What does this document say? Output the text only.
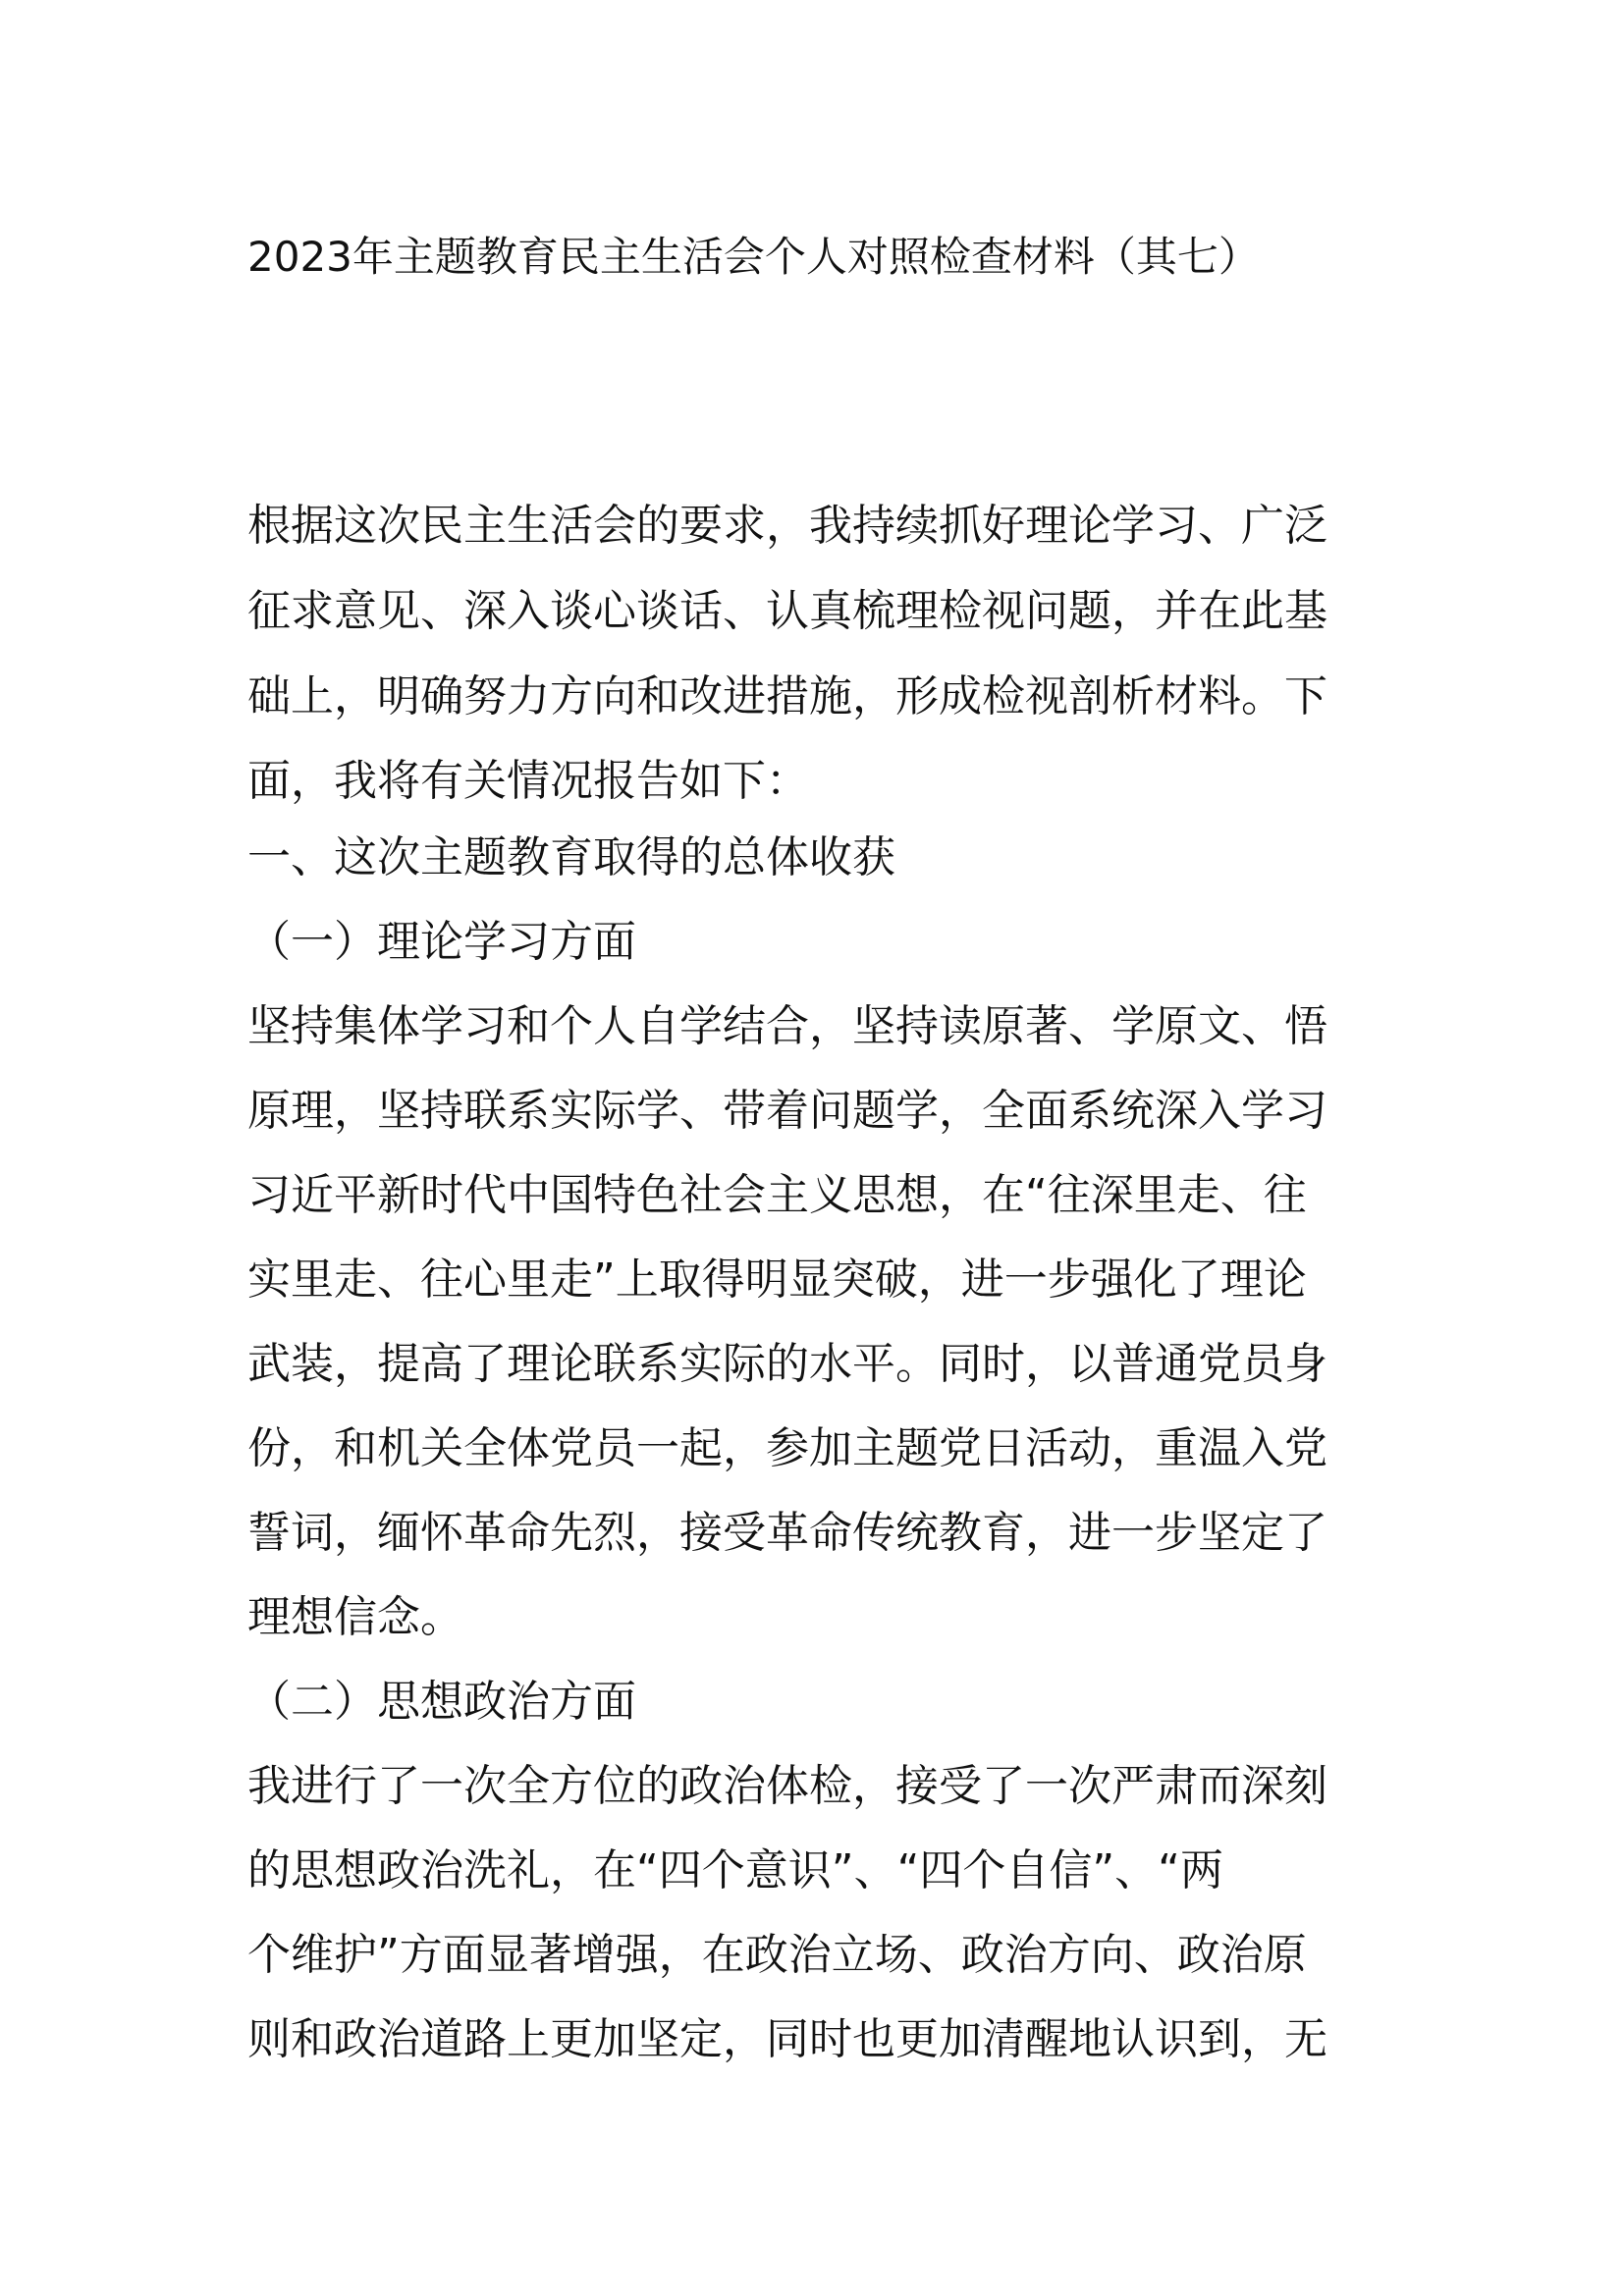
2023年主题教育民主生活会个人对照检查材料（其七）

根据这次民主生活会的要求，我持续抓好理论学习、广泛

征求意见、深入谈心谈话、认真梳理检视问题，并在此基

础上，明确努力方向和改进措施，形成检视剖析材料。下

面，我将有关情况报告如下：

一、这次主题教育取得的总体收获

（一）理论学习方面

坚持集体学习和个人自学结合，坚持读原著、学原文、悟

原理，坚持联系实际学、带着问题学，全面系统深入学习

习近平新时代中国特色社会主义思想，在“往深里走、往

实里走、往心里走”上取得明显突破，进一步强化了理论

武装，提高了理论联系实际的水平。同时，以普通党员身

份，和机关全体党员一起，参加主题党日活动，重温入党

誓词，缅怀革命先烈，接受革命传统教育，进一步坚定了

理想信念。

（二）思想政治方面

我进行了一次全方位的政治体检，接受了一次严肃而深刻

的思想政治洗礼，在“四个意识”、“四个自信”、“两

个维护”方面显著增强，在政治立场、政治方向、政治原

则和政治道路上更加坚定，同时也更加清醒地认识到，无
